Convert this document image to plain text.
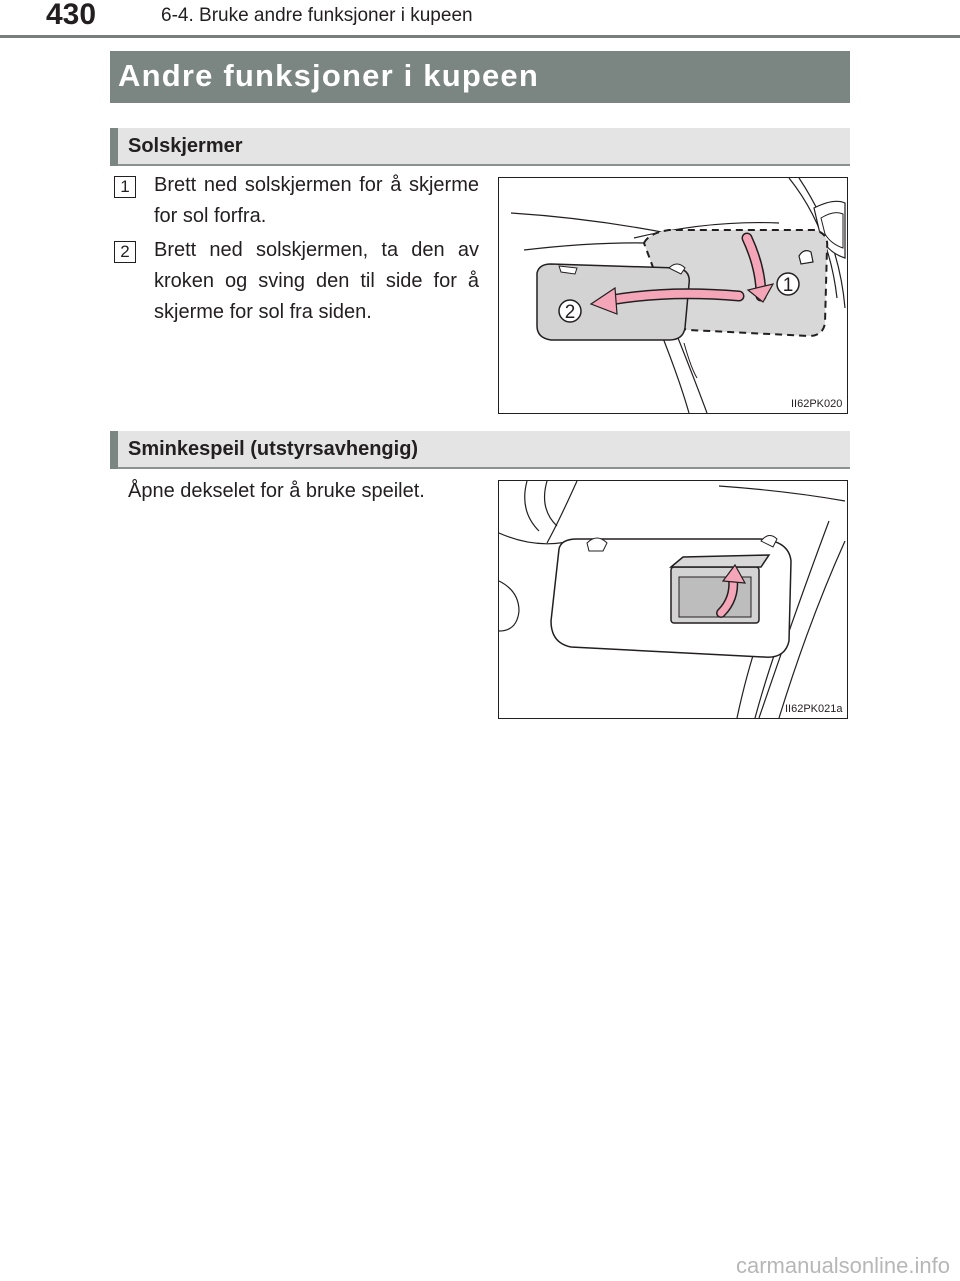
430	6-4. Bruke andre funksjoner i kupeen
Andre funksjoner i kupeen
Solskjermer
1	Brett ned solskjermen for å skjerme for sol forfra.
2	Brett ned solskjermen, ta den av kroken og sving den til side for å skjerme for sol fra siden.
1
2
II62PK020
Sminkespeil (utstyrsavhengig)
Åpne dekselet for å bruke speilet.
II62PK021a
carmanualsonline.info
